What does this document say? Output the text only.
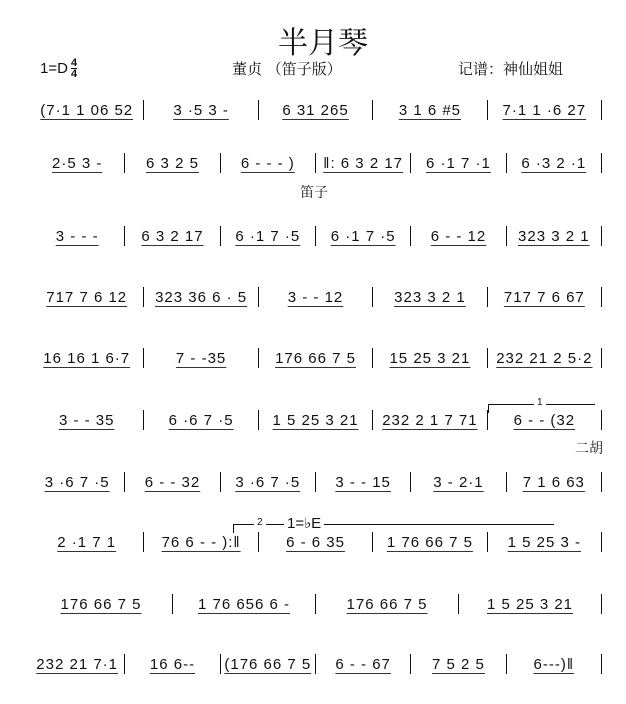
半月琴
$1=D \frac{4}{4}$	董贞 （笛子版）	记谱：神仙姐姐
(7·1 1 06 52	3 ·5 3 -	6 31 265	3 1 6 #5	7·1 1 ·6 27
2·5 3 -	6 3 2 5	6 - - - )	‖: 6 3 2 17	6 ·1 7 ·1	6 ·3 2 ·1
3 - - -	6 3 2 17	6 ·1 7 ·5	6 ·1 7 ·5	6 - - 12	323 3 2 1
717 7 6 12	323 36 6 · 5	3 - - 12	323 3 2 1	717 7 6 67
16 16 1 6·7	7 - -35	176 66 7 5	15 25 3 21	232 21 2 5·2
3 - - 35	6 ·6 7 ·5	1 5 25 3 21	232 2 1 7 71	6 - - (32
3 ·6 7 ·5	6 - - 32	3 ·6 7 ·5	3 - - 15	3 - 2·1	7 1 6 63
2 ·1 7 1	76 6 - - ):‖	6 - 6 35	1 76 66 7 5	1 5 25 3 -
176 66 7 5	1 76 656 6 -	176 66 7 5	1 5 25 3 21
232 21 7·1	16 6--	(176 66 7 5	6 - - 67	7 5 2 5	6---)‖
笛子
二胡
1
2 1=♭E
